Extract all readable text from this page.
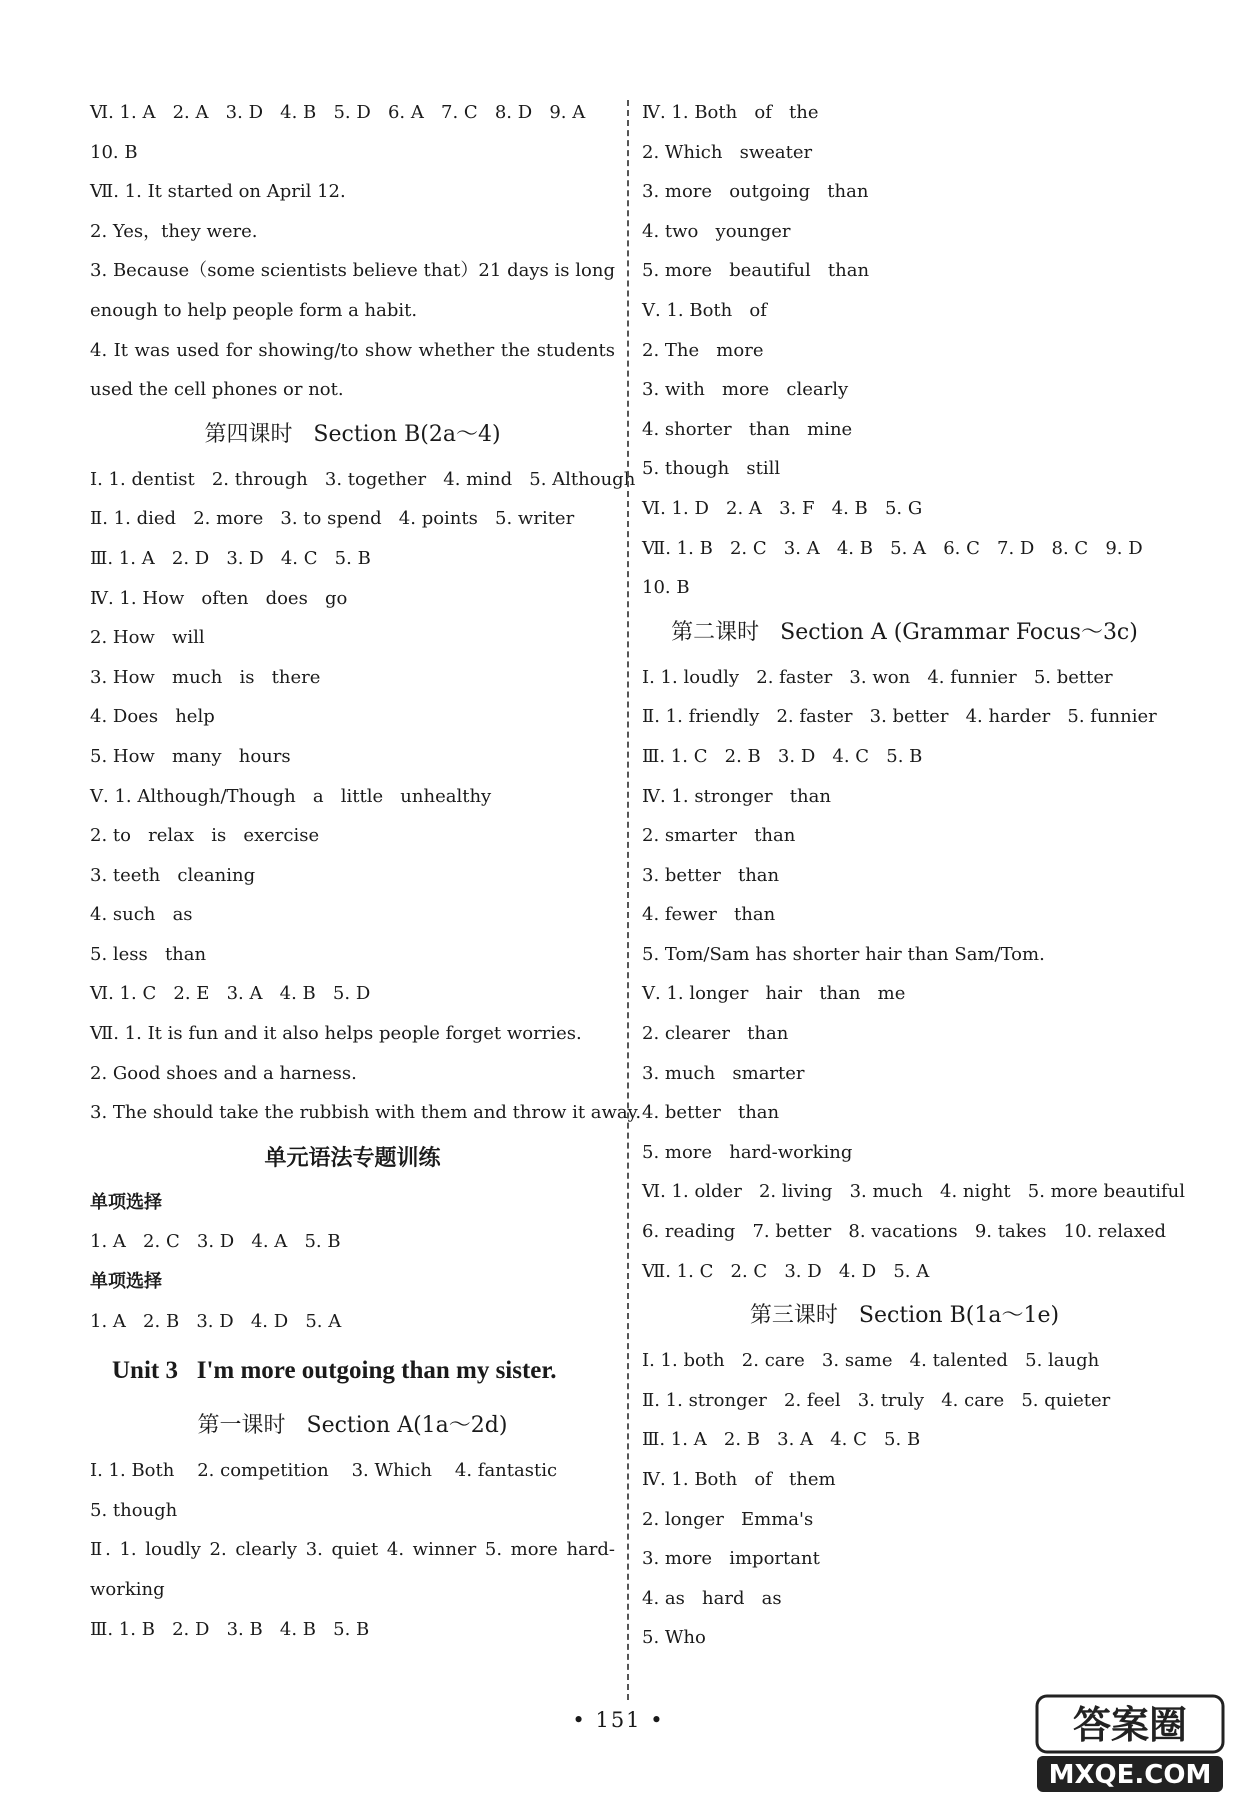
Ⅵ. 1. A   2. A   3. D   4. B   5. D   6. A   7. C   8. D   9. A
10. B
Ⅶ. 1. It started on April 12.
2. Yes，they were.
3. Because（some scientists believe that）21 days is long enough to help people form a habit.
4. It was used for showing/to show whether the students used the cell phones or not.
第四课时   Section B(2a～4)
Ⅰ. 1. dentist   2. through   3. together   4. mind   5. Although
Ⅱ. 1. died   2. more   3. to spend   4. points   5. writer
Ⅲ. 1. A   2. D   3. D   4. C   5. B
Ⅳ. 1. How   often   does   go
2. How   will
3. How   much   is   there
4. Does   help
5. How   many   hours
Ⅴ. 1. Although/Though   a   little   unhealthy
2. to   relax   is   exercise
3. teeth   cleaning
4. such   as
5. less   than
Ⅵ. 1. C   2. E   3. A   4. B   5. D
Ⅶ. 1. It is fun and it also helps people forget worries.
2. Good shoes and a harness.
3. The should take the rubbish with them and throw it away.
单元语法专题训练
单项选择
1. A   2. C   3. D   4. A   5. B
单项选择
1. A   2. B   3. D   4. D   5. A
Unit 3   I'm more outgoing than my sister.
第一课时   Section A(1a～2d)
Ⅰ. 1. Both    2. competition    3. Which    4. fantastic
5. though
Ⅱ. 1. loudly 2. clearly 3. quiet 4. winner 5. more hard-working
Ⅲ. 1. B   2. D   3. B   4. B   5. B
Ⅳ. 1. Both   of   the
2. Which   sweater
3. more   outgoing   than
4. two   younger
5. more   beautiful   than
Ⅴ. 1. Both   of
2. The   more
3. with   more   clearly
4. shorter   than   mine
5. though   still
Ⅵ. 1. D   2. A   3. F   4. B   5. G
Ⅶ. 1. B   2. C   3. A   4. B   5. A   6. C   7. D   8. C   9. D
10. B
第二课时   Section A (Grammar Focus～3c)
Ⅰ. 1. loudly   2. faster   3. won   4. funnier   5. better
Ⅱ. 1. friendly   2. faster   3. better   4. harder   5. funnier
Ⅲ. 1. C   2. B   3. D   4. C   5. B
Ⅳ. 1. stronger   than
2. smarter   than
3. better   than
4. fewer   than
5. Tom/Sam has shorter hair than Sam/Tom.
Ⅴ. 1. longer   hair   than   me
2. clearer   than
3. much   smarter
4. better   than
5. more   hard-working
Ⅵ. 1. older   2. living   3. much   4. night   5. more beautiful
6. reading   7. better   8. vacations   9. takes   10. relaxed
Ⅶ. 1. C   2. C   3. D   4. D   5. A
第三课时   Section B(1a～1e)
Ⅰ. 1. both   2. care   3. same   4. talented   5. laugh
Ⅱ. 1. stronger   2. feel   3. truly   4. care   5. quieter
Ⅲ. 1. A   2. B   3. A   4. C   5. B
Ⅳ. 1. Both   of   them
2. longer   Emma's
3. more   important
4. as   hard   as
5. Who
• 151 •	答案圈
MXQE.COM
